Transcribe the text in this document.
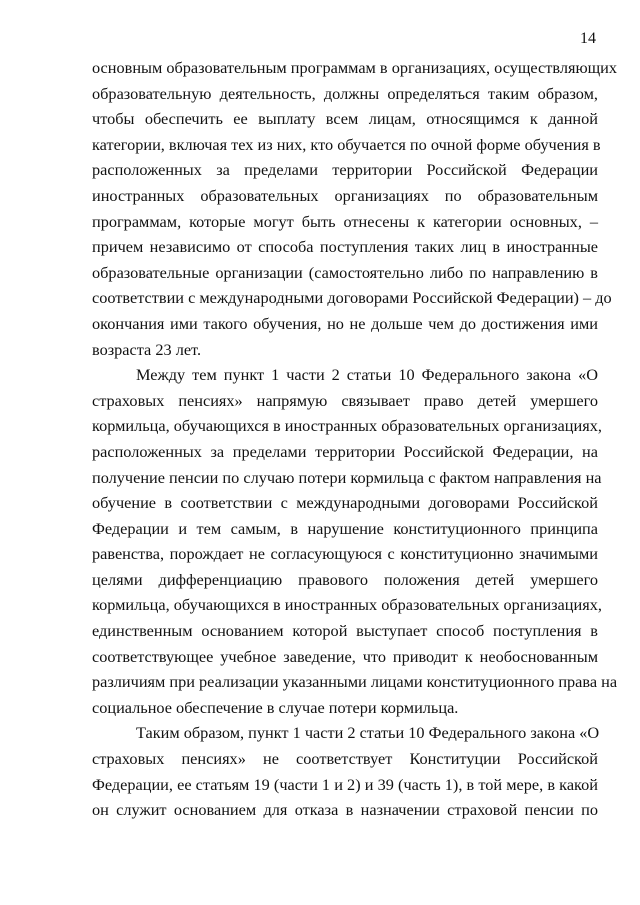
14
основным образовательным программам в организациях, осуществляющих
образовательную деятельность, должны определяться таким образом,
чтобы обеспечить ее выплату всем лицам, относящимся к данной
категории, включая тех из них, кто обучается по очной форме обучения в
расположенных за пределами территории Российской Федерации
иностранных образовательных организациях по образовательным
программам, которые могут быть отнесены к категории основных, –
причем независимо от способа поступления таких лиц в иностранные
образовательные организации (самостоятельно либо по направлению в
соответствии с международными договорами Российской Федерации) – до
окончания ими такого обучения, но не дольше чем до достижения ими
возраста 23 лет.
Между тем пункт 1 части 2 статьи 10 Федерального закона «О
страховых пенсиях» напрямую связывает право детей умершего
кормильца, обучающихся в иностранных образовательных организациях,
расположенных за пределами территории Российской Федерации, на
получение пенсии по случаю потери кормильца с фактом направления на
обучение в соответствии с международными договорами Российской
Федерации и тем самым, в нарушение конституционного принципа
равенства, порождает не согласующуюся с конституционно значимыми
целями дифференциацию правового положения детей умершего
кормильца, обучающихся в иностранных образовательных организациях,
единственным основанием которой выступает способ поступления в
соответствующее учебное заведение, что приводит к необоснованным
различиям при реализации указанными лицами конституционного права на
социальное обеспечение в случае потери кормильца.
Таким образом, пункт 1 части 2 статьи 10 Федерального закона «О
страховых пенсиях» не соответствует Конституции Российской
Федерации, ее статьям 19 (части 1 и 2) и 39 (часть 1), в той мере, в какой
он служит основанием для отказа в назначении страховой пенсии по
